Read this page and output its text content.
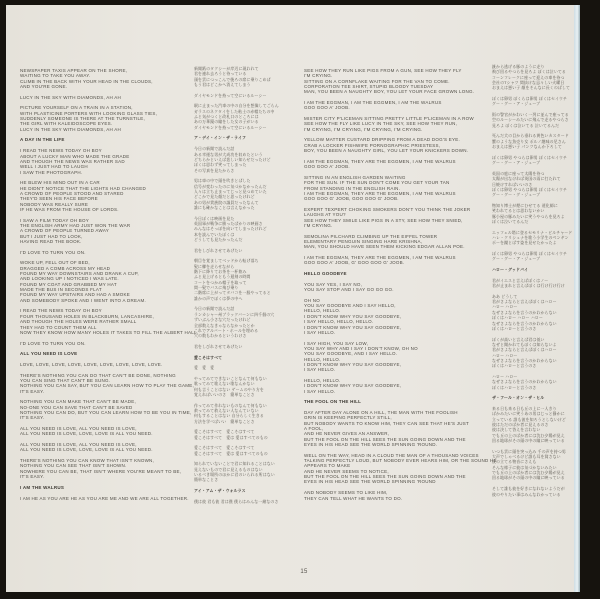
NEWSPAPER TAXIS APPEAR ON THE SHORE,
WAITING TO TAKE YOU AWAY.
CLIMB IN THE BACK WITH YOUR HEAD IN THE CLOUDS,
AND YOU'RE GONE.
LUCY IN THE SKY WITH DIAMONDS, AH AH
PICTURE YOURSELF ON A TRAIN IN A STATION,
WITH PLASTICINE PORTERS WITH LOOKING GLASS TIES,
SUDDENLY SOMEONE IS THERE AT THE TURNSTILE,
THE GIRL WITH KALEIDOSCOPE EYES.
LUCY IN THE SKY WITH DIAMONDS, AH AH
A DAY IN THE LIFE
I READ THE NEWS TODAY OH BOY
ABOUT A LUCKY MAN WHO MADE THE GRADE
AND THOUGH THE NEWS WAS RATHER SAD
WELL I JUST HAD TO LAUGH
I SAW THE PHOTOGRAPH.
HE BLEW HIS MIND OUT IN A CAR
HE DIDN'T NOTICE THAT THE LIGHTS HAD CHANGED
A CROWD OF PEOPLE STOOD AND STARED
THEY'D SEEN HIS FACE BEFORE
NOBODY WAS REALLY SURE
IF HE WAS FROM THE HOUSE OF LORDS.
I SAW A FILM TODAY OH BOY
THE ENGLISH ARMY HAD JUST WON THE WAR
A CROWD OF PEOPLE TURNED AWAY
BUT I JUST HAD TO LOOK,
HAVING READ THE BOOK.
I'D LOVE TO TURN YOU ON.
WOKE UP, FELL OUT OF BED,
DRAGGED A COMB ACROSS MY HEAD
FOUND MY WAY DOWNSTAIRS AND DRANK A CUP,
AND LOOKING UP I NOTICED I WAS LATE.
FOUND MY COAT AND GRABBED MY HAT
MADE THE BUS IN SECONDS FLAT
FOUND MY WAY UPSTAIRS AND HAD A SMOKE
AND SOMEBODY SPOKE AND I WENT INTO A DREAM.
I READ THE NEWS TODAY OH BOY
FOUR THOUSAND HOLES IN BLACKBURN, LANCASHIRE,
AND THOUGH THE HOLES WERE RATHER SMALL
THEY HAD TO COUNT THEM ALL
NOW THEY KNOW HOW MANY HOLES IT TAKES TO FILL THE ALBERT HALL.
I'D LOVE TO TURN YOU ON.
ALL YOU NEED IS LOVE
LOVE, LOVE, LOVE, LOVE, LOVE, LOVE, LOVE, LOVE, LOVE.
THERE'S NOTHING YOU CAN DO THAT CAN'T BE DONE, NOTHING
YOU CAN SING THAT CAN'T BE SUNG.
NOTHING YOU CAN SAY, BUT YOU CAN LEARN HOW TO PLAY THE GAME,
IT'S EASY.
NOTHING YOU CAN MAKE THAT CAN'T BE MADE,
NO-ONE YOU CAN SAVE THAT CAN'T BE SAVED
NOTHING YOU CAN DO, BUT YOU CAN LEARN HOW TO BE YOU IN TIME,
IT'S EASY.
ALL YOU NEED IS LOVE, ALL YOU NEED IS LOVE,
ALL YOU NEED IS LOVE, LOVE, LOVE IS ALL YOU NEED.
ALL YOU NEED IS LOVE, ALL YOU NEED IS LOVE,
ALL YOU NEED IS LOVE, LOVE, LOVE IS ALL YOU NEED.
THERE'S NOTHING YOU CAN KNOW THAT ISN'T KNOWN,
NOTHING YOU CAN SEE THAT ISN'T SHOWN.
NOWHERE YOU CAN BE, THAT ISN'T WHERE YOU'RE MEANT TO BE,
IT'S EASY.
I AM THE WALRUS
I AM HE AS YOU ARE HE AS YOU ARE ME AND WE ARE ALL TOGETHER.
新聞紙のタクシーが岸辺に現われて
君を連れ去ろうと待っている
頭を雲につっこんで後ろの席に乗りこめば
もう君はどこかへ消えてしまう
ダイヤモンドを持って空にいるルーシー
駅に止まった汽車の中の自分を想像してごらん
ガラスのネクタイをした粘土の赤帽たちの中
ふと気がつくと改札口のところには
あの万華鏡の瞳をした女の子がいる
ダイヤモンドを持って空にいるルーシー
ア・デイ・イン・ザ・ライフ
今日の新聞で読んだ話
ある幸運な男が大成功を収めたという
どちらかといえば悲しい知らせだったけど
ぼくは思わず笑ってしまった
その写真を見たからさ
男は車の中で頭を吹きとばした
信号が変わったのに気づかなかったんだ
人々は立ち止まってじっと見つめていた
どこかで見た顔だと思ったけれど
あの男が貴族院の議員だったなんて
誰にも確かなことは言えなかった
今日ぼくは映画を見た
英国軍が戦争に勝ったばかりの映画さ
みんなはそっぽを向いてしまったけれど
本を読んでいたぼくは
どうしても見たかったんだ
君をしびれさせてあげたい
朝目を覚ましてベッドから転げ落ち
髪に櫛を走らせながら
階下に降りてお茶を一杯飲み
ふと見上げるともう遅刻の時間
コートをつかみ帽子を取って
間一髪でバスに飛び乗り
二階席に上がってタバコを一服やってると
誰かの声でぼくは夢の中へ
今日の新聞で読んだ話
ランカシャー州ブラックバーンに四千個の穴
ずいぶん小さな穴だったけれど
全部数えなきゃならなかったとか
これでアルバート・ホールを埋める
穴の数もわかるというわけさ
君をしびれさせてあげたい
愛こそはすべて
愛　愛　愛
やってみてできないことなんて何もない
歌ってみて歌えない歌なんかない
何も言うことはない ゲームのやり方を
覚えればいいのさ　簡単なことさ
作ってみて作れないものなんて何もない
救ってみて救えない人なんていない
何もすることはない 自分らしく生きる
方法を学べばいい　簡単なことさ
愛こそはすべて　愛こそはすべて
愛こそはすべて　愛は 愛はすべてのもの
愛こそはすべて　愛こそはすべて
愛こそはすべて　愛は 愛はすべてのもの
知られていないことで君に知れることはない
見えないもので君に見えるものはない
いるべき場所のほかに君のいられる所はない
簡単なことさ
アイ・アム・ザ・ウォルラス
僕は彼 君も彼 君は僕 僕らはみんな一緒なのさ
SEE HOW THEY RUN LIKE PIGS FROM A GUN, SEE HOW THEY FLY
I'M CRYING.
SITTING ON A CORNFLAKE WAITING FOR THE VAN TO COME.
CORPORATION TEE SHIRT, STUPID BLOODY TUESDAY
MAN, YOU BEEN A NAUGHTY BOY, YOU LET YOUR FACE GROWN LONG.
I AM THE EGGMAN, I AM THE EGGMEN, I AM THE WALRUS
GOO GOO A' JOOB.
MISTER CITY P'LICEMAN SITTING PRETTY LITTLE P'LICEMAN IN A ROW
SEE HOW THE FLY LIKE LUCY IN THE SKY, SEE HOW THEY RUN,
I'M CRYING, I'M CRYING, I'M CRYING, I'M CRYING.
YELLOW MATTER CUSTARD DRIPPING FROM A DEAD DOG'S EYE.
CRAB A LOCKER FISHWIFE PORNOGRAPHIC PRIESTESS,
BOY, YOU BEEN A NAUGHTY GIRL, YOU LET YOUR KNICKERS DOWN.
I AM THE EGGMAN, THEY ARE THE EGGMEN, I AM THE WALRUS
GOO GOO A' JOOB.
SITTING IN AN ENGLISH GARDEN WAITING
FOR THE SUN. IF THE SUN DON'T COME YOU GET YOUR TAN
FROM STANDING IN THE ENGLISH RAIN.
I AM THE EGGMAN, THEY ARE THE EGGMEN, I AM THE WALRUS
GOO GOO G' JOOB, GOO GOO G' JOOB.
EXPERT TEXPERT CHOKING SMOKERS DON'T YOU THINK THE JOKER
LAUGHS AT YOU?
SEE HOW THEY SMILE LIKE PIGS IN A STY, SEE HOW THEY SNIED,
I'M CRYING.
SEMOLINA PILCHARD CLIMBING UP THE EIFFEL TOWER
ELEMENTARY PENGUIN SINGING HARE KRISHNA,
MAN, YOU SHOULD HAVE SEEN THEM KICKING EDGAR ALLAN POE.
I AM THE EGGMAN, THEY ARE THE EGGMEN, I AM THE WALRUS
GOO GOO A' JOOB, G' GOO GOO G' JOOB.
HELLO GOODBYE
YOU SAY YES, I SAY NO,
YOU SAY STOP AND I SAY GO GO GO.
OH NO
YOU SAY GOODBYE AND I SAY HELLO,
HELLO, HELLO.
I DON'T KNOW WHY YOU SAY GOODBYE,
I SAY HELLO, HELLO, HELLO.
I DON'T KNOW WHY YOU SAY GOODBYE,
I SAY HELLO.
I SAY HIGH, YOU SAY LOW,
YOU SAY WHY AND I SAY I DON'T KNOW, OH NO
YOU SAY GOODBYE, AND I SAY HELLO.
HELLO, HELLO.
I DON'T KNOW WHY YOU SAY GOODBYE,
I SAY HELLO.
HELLO, HELLO.
I DON'T KNOW WHY YOU SAY GOODBYE,
I SAY HELLO.
THE FOOL ON THE HILL
DAY AFTER DAY ALONE ON A HILL, THE MAN WITH THE FOOLISH
GRIN IS KEEPING PERFECTLY STILL,
BUT NOBODY WANTS TO KNOW HIM, THEY CAN SEE THAT HE'S JUST
A FOOL,
AND HE NEVER GIVES AN ANSWER,
BUT THE FOOL ON THE HILL SEES THE SUN GOING DOWN AND THE
EYES IN HIS HEAD SEE THE WORLD SPINNING 'ROUND.
WELL ON THE WAY, HEAD IN A CLOUD THE MAN OF A THOUSAND VOICES
TALKING PERFECTLY LOUD, BUT NOBODY EVER HEARS HIM, OR THE SOUND HE
APPEARS TO MAKE
AND HE NEVER SEEMS TO NOTICE,
BUT THE FOOL ON THE HILL SEES THE SUN GOING DOWN AND THE
EYES IN HIS HEAD SEE THE WORLD SPINNING 'ROUND
AND NOBODY SEEMS TO LIKE HIM,
THEY CAN TELL WHAT HE WANTS TO DO.
銃から逃げる豚のように走り
飛び回るやつらを見ろよ ぼくは泣いてる
コーンフレークに座って迎えの車を待つ
会社のTシャツ 間抜けな忌々しい火曜日
おまえは悪い子 顔をそんなに長くのばして
ぼくは卵男 ぼくらは卵男 ぼくはセイウチ
グー・グー・ア・ジューブ
街の警官がかわいく一列に並んで座ってる
空のルーシーみたいに飛んで走るやつらさ
見ろよ ぼくは泣いてる 泣いてるんだ
死んだ犬の目から垂れる黄色いカスタード
蟹のような魚売り女 ポルノ趣味の尼さん
おまえは悪い子 パンツなんか下ろして
ぼくは卵男 やつらは卵男 ぼくはセイウチ
グー・グー・ア・ジューブ
英国の庭に座って太陽を待つ
太陽が出なければ英国の雨に打たれて
日焼けすればいいのさ
ぼくは卵男 やつらは卵男 ぼくはセイウチ
グー・グー・グ・ジューブ
物知り博士が煙にむせてる 道化師に
笑われてるとは思わないかい
豚小屋の豚みたいに笑うやつらを見ろよ
ぼくは泣いてるんだ
エッフェル塔に登るセモリナ・ピルチャード
ハレ・クリシュナを歌う小学生のペンギン
ポーを蹴とばす姿を見せたかったよ
ぼくは卵男 やつらは卵男 ぼくはセイウチ
グー・グー・ア・ジューブ
ハロー・グッドバイ
君がイエスと言えばぼくはノー
君が止まれと言えばぼくは行け行け行け
ああ どうして
君がさよならと言えばぼくはハロー
ハロー ハロー
なぜさよならを言うのかわからない
ぼくはハロー ハロー ハロー
なぜさよならを言うのかわからない
ぼくはハローと言うのさ
ぼくが高いと言えば君は低い
なぜと聞かれてもぼくは知らないよ
君がさよならと言えばぼくはハロー
ハロー ハロー
なぜさよならを言うのかわからない
ぼくはハローと言うのさ
ハロー ハロー
なぜさよならを言うのかわからない
ぼくはハローと言うのさ
ザ・フール・オン・ザ・ヒル
来る日も来る日も丘の上に一人きり
ばかみたいに笑うあの男はじっと静かに
立っている 誰も彼を知ろうとしないけど
彼はただのばか者に見えるのさ
彼は決して答えを言わない
でも丘の上のばか者には沈む夕陽が見え
回る地球がその頭の中の瞳に映っている
いつも雲に頭を突っ込み 千の声を持つ男
大声でしゃべるけど誰も耳を貸さない
彼の立てる物音にさえも
そんな様子に彼は気づかないみたい
でも丘の上のばか者には沈む夕陽が見え
回る地球がその頭の中の瞳に映っている
そして誰も彼を好きになれないようだが
彼のやりたい事はみんなわかっている
15
